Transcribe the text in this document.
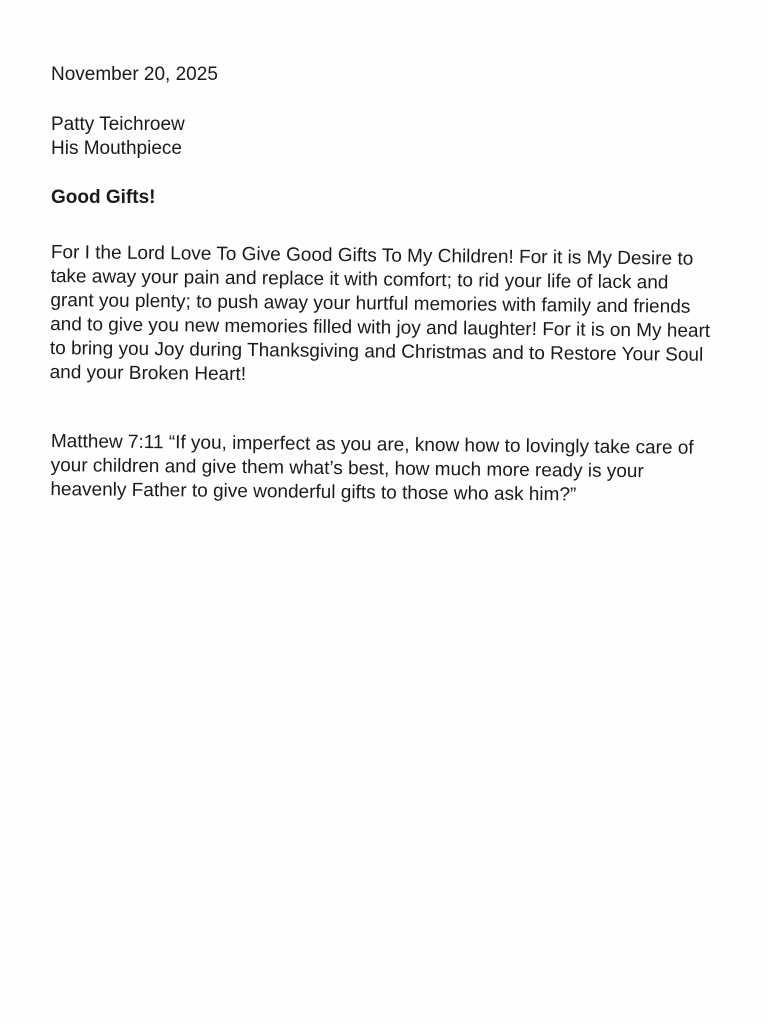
November 20, 2025

Patty Teichroew
His Mouthpiece

Good Gifts!

For I the Lord Love To Give Good Gifts To My Children! For it is My Desire to take away your pain and replace it with comfort; to rid your life of lack and grant you plenty; to push away your hurtful memories with family and friends and to give you new memories filled with joy and laughter! For it is on My heart to bring you Joy during Thanksgiving and Christmas and to Restore Your Soul and your Broken Heart!

Matthew 7:11 “If you, imperfect as you are, know how to lovingly take care of your children and give them what’s best, how much more ready is your heavenly Father to give wonderful gifts to those who ask him?”
